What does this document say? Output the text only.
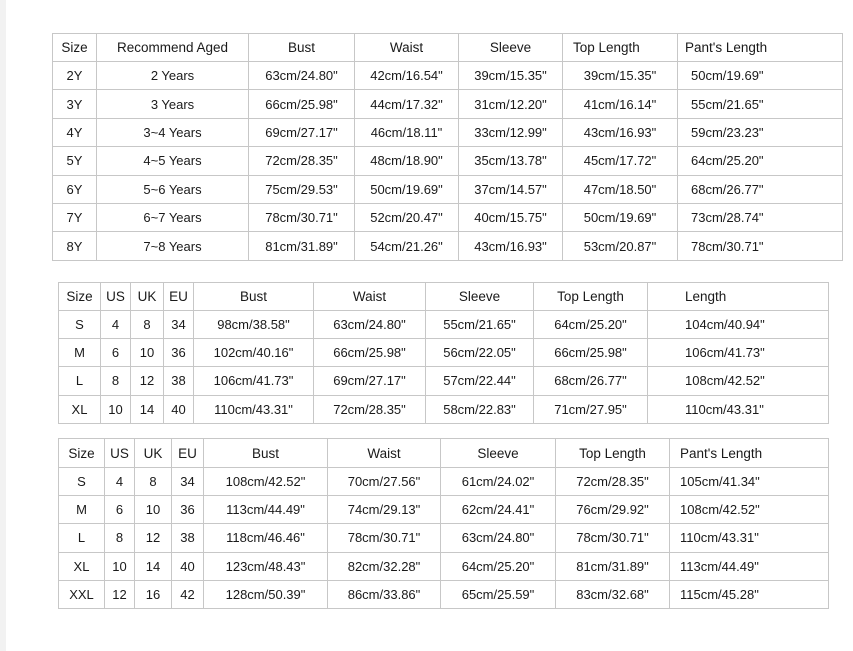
Size	Recommend Aged	Bust	Waist	Sleeve	Top Length	Pant's Length
2Y	2 Years	63cm/24.80"	42cm/16.54"	39cm/15.35"	39cm/15.35"	50cm/19.69"
3Y	3 Years	66cm/25.98"	44cm/17.32"	31cm/12.20"	41cm/16.14"	55cm/21.65"
4Y	3~4 Years	69cm/27.17"	46cm/18.11"	33cm/12.99"	43cm/16.93"	59cm/23.23"
5Y	4~5 Years	72cm/28.35"	48cm/18.90"	35cm/13.78"	45cm/17.72"	64cm/25.20"
6Y	5~6 Years	75cm/29.53"	50cm/19.69"	37cm/14.57"	47cm/18.50"	68cm/26.77"
7Y	6~7 Years	78cm/30.71"	52cm/20.47"	40cm/15.75"	50cm/19.69"	73cm/28.74"
8Y	7~8 Years	81cm/31.89"	54cm/21.26"	43cm/16.93"	53cm/20.87"	78cm/30.71"
Size	US	UK	EU	Bust	Waist	Sleeve	Top Length	Length
S	4	8	34	98cm/38.58"	63cm/24.80"	55cm/21.65"	64cm/25.20"	104cm/40.94"
M	6	10	36	102cm/40.16"	66cm/25.98"	56cm/22.05"	66cm/25.98"	106cm/41.73"
L	8	12	38	106cm/41.73"	69cm/27.17"	57cm/22.44"	68cm/26.77"	108cm/42.52"
XL	10	14	40	110cm/43.31"	72cm/28.35"	58cm/22.83"	71cm/27.95"	110cm/43.31"
Size	US	UK	EU	Bust	Waist	Sleeve	Top Length	Pant's Length
S	4	8	34	108cm/42.52"	70cm/27.56"	61cm/24.02"	72cm/28.35"	105cm/41.34"
M	6	10	36	113cm/44.49"	74cm/29.13"	62cm/24.41"	76cm/29.92"	108cm/42.52"
L	8	12	38	118cm/46.46"	78cm/30.71"	63cm/24.80"	78cm/30.71"	110cm/43.31"
XL	10	14	40	123cm/48.43"	82cm/32.28"	64cm/25.20"	81cm/31.89"	113cm/44.49"
XXL	12	16	42	128cm/50.39"	86cm/33.86"	65cm/25.59"	83cm/32.68"	115cm/45.28"
